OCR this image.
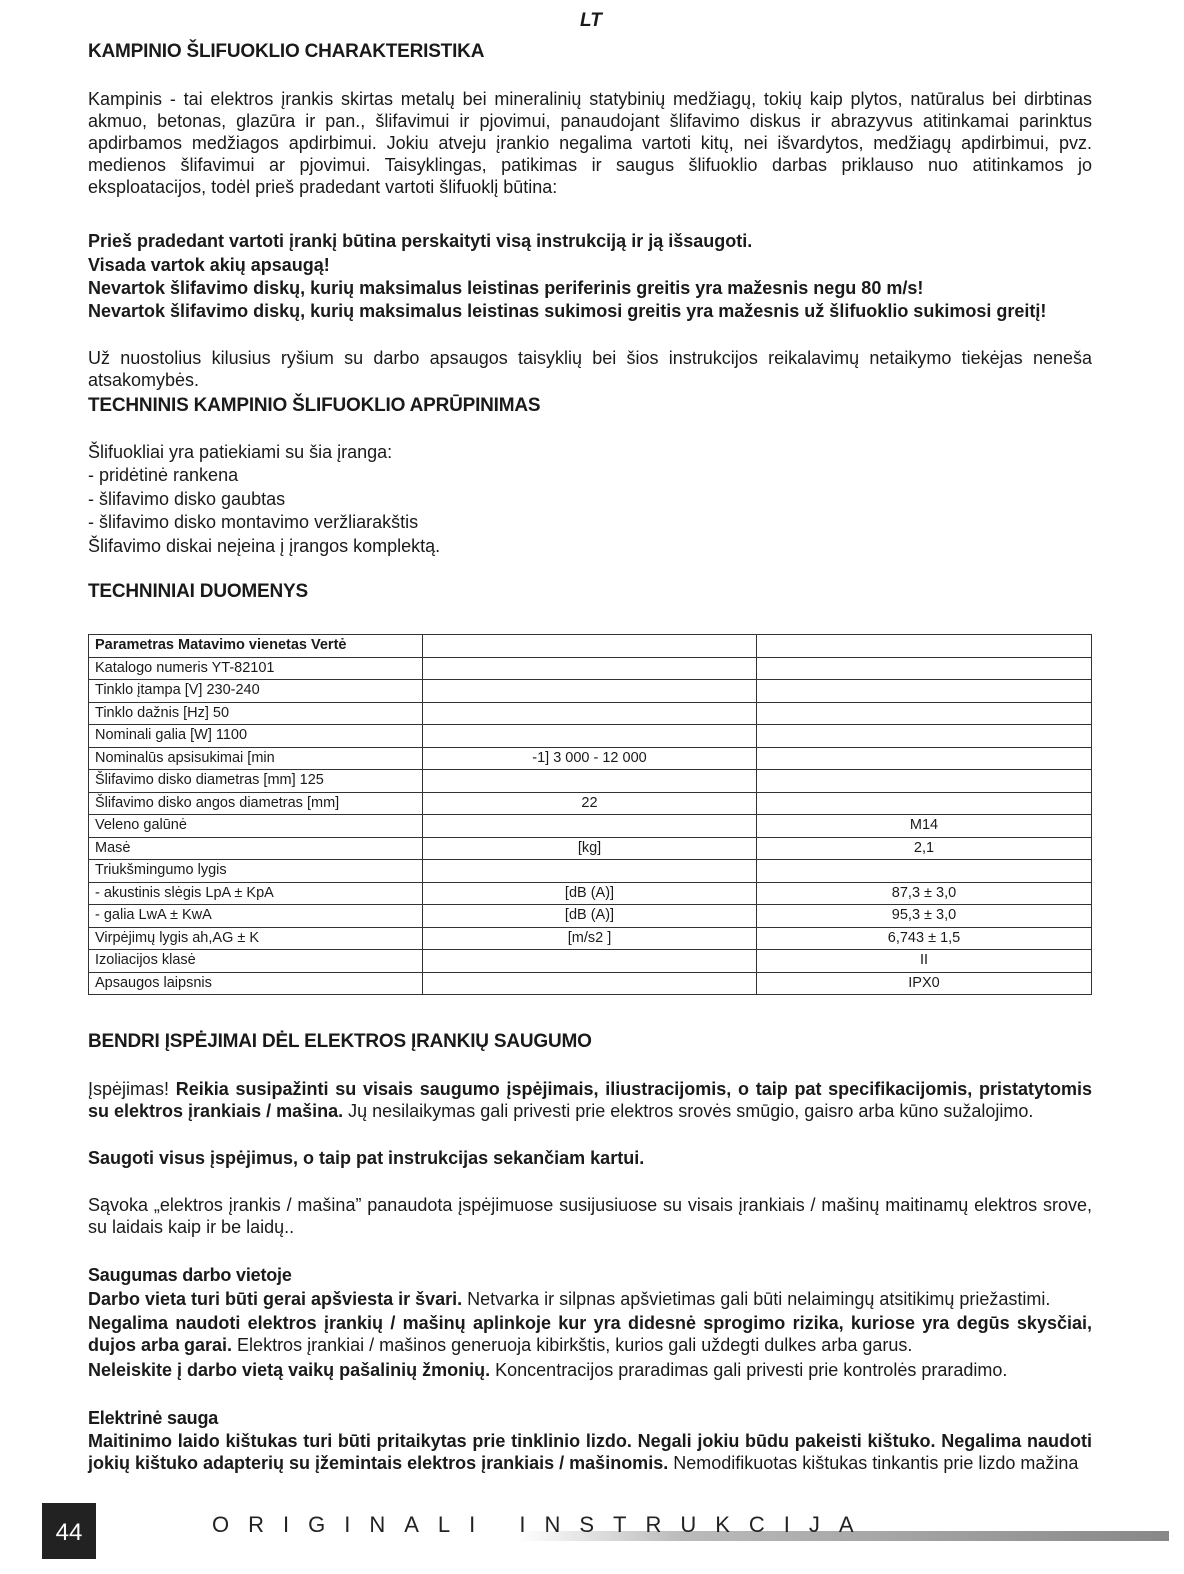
LT
KAMPINIO ŠLIFUOKLIO CHARAKTERISTIKA

Kampinis - tai elektros įrankis skirtas metalų bei mineralinių statybinių medžiagų, tokių kaip plytos, natūralus bei dirbtinas akmuo, betonas, glazūra ir pan., šlifavimui ir pjovimui, panaudojant šlifavimo diskus ir abrazyvus atitinkamai parinktus apdirbamos medžiagos apdirbimui. Jokiu atveju įrankio negalima vartoti kitų, nei išvardytos, medžiagų apdirbimui, pvz. medienos šlifavimui ar pjovimui. Taisyklingas, patikimas ir saugus šlifuoklio darbas priklauso nuo atitinkamos jo eksploatacijos, todėl prieš pradedant vartoti šlifuoklį būtina:

Prieš pradedant vartoti įrankį būtina perskaityti visą instrukciją ir ją išsaugoti.

Visada vartok akių apsaugą!

Nevartok šlifavimo diskų, kurių maksimalus leistinas periferinis greitis yra mažesnis negu 80 m/s!

Nevartok šlifavimo diskų, kurių maksimalus leistinas sukimosi greitis yra mažesnis už šlifuoklio sukimosi greitį!

Už nuostolius kilusius ryšium su darbo apsaugos taisyklių bei šios instrukcijos reikalavimų netaikymo tiekėjas neneša atsakomybės.

TECHNINIS KAMPINIO ŠLIFUOKLIO APRŪPINIMAS

Šlifuokliai yra patiekiami su šia įranga:

- pridėtinė rankena

- šlifavimo disko gaubtas

- šlifavimo disko montavimo veržliarakštis

Šlifavimo diskai neįeina į įrangos komplektą.

TECHNINIAI DUOMENYS
Parametras Matavimo vienetas Vertė		
Katalogo numeris YT-82101		
Tinklo įtampa [V] 230-240		
Tinklo dažnis [Hz] 50		
Nominali galia [W] 1100		
Nominalūs apsisukimai [min	-1] 3 000 - 12 000	
Šlifavimo disko diametras [mm] 125		
Šlifavimo disko angos diametras [mm]	22	
Veleno galūnė		M14
Masė	[kg]	2,1
Triukšmingumo lygis		
- akustinis slėgis LpA ± KpA	[dB (A)]	87,3 ± 3,0
- galia LwA ± KwA	[dB (A)]	95,3 ± 3,0
Virpėjimų lygis ah,AG ± K	[m/s2 ]	6,743 ± 1,5
Izoliacijos klasė		II
Apsaugos laipsnis		IPX0
BENDRI ĮSPĖJIMAI DĖL ELEKTROS ĮRANKIŲ SAUGUMO

Įspėjimas! Reikia susipažinti su visais saugumo įspėjimais, iliustracijomis, o taip pat specifikacijomis, pristatytomis su elektros įrankiais / mašina. Jų nesilaikymas gali privesti prie elektros srovės smūgio, gaisro arba kūno sužalojimo.

Saugoti visus įspėjimus, o taip pat instrukcijas sekančiam kartui.

Sąvoka „elektros įrankis / mašina” panaudota įspėjimuose susijusiuose su visais įrankiais / mašinų maitinamų elektros srove, su laidais kaip ir be laidų..

Saugumas darbo vietoje

Darbo vieta turi būti gerai apšviesta ir švari. Netvarka ir silpnas apšvietimas gali būti nelaimingų atsitikimų priežastimi.

Negalima naudoti elektros įrankių / mašinų aplinkoje kur yra didesnė sprogimo rizika, kuriose yra degūs skysčiai, dujos arba garai. Elektros įrankiai / mašinos generuoja kibirkštis, kurios gali uždegti dulkes arba garus.

Neleiskite į darbo vietą vaikų pašalinių žmonių. Koncentracijos praradimas gali privesti prie kontrolės praradimo.

Elektrinė sauga

Maitinimo laido kištukas turi būti pritaikytas prie tinklinio lizdo. Negali jokiu būdu pakeisti kištuko. Negalima naudoti jokių kištuko adapterių su įžemintais elektros įrankiais / mašinomis. Nemodifikuotas kištukas tinkantis prie lizdo mažina

44	ORIGINALI INSTRUKCIJA
